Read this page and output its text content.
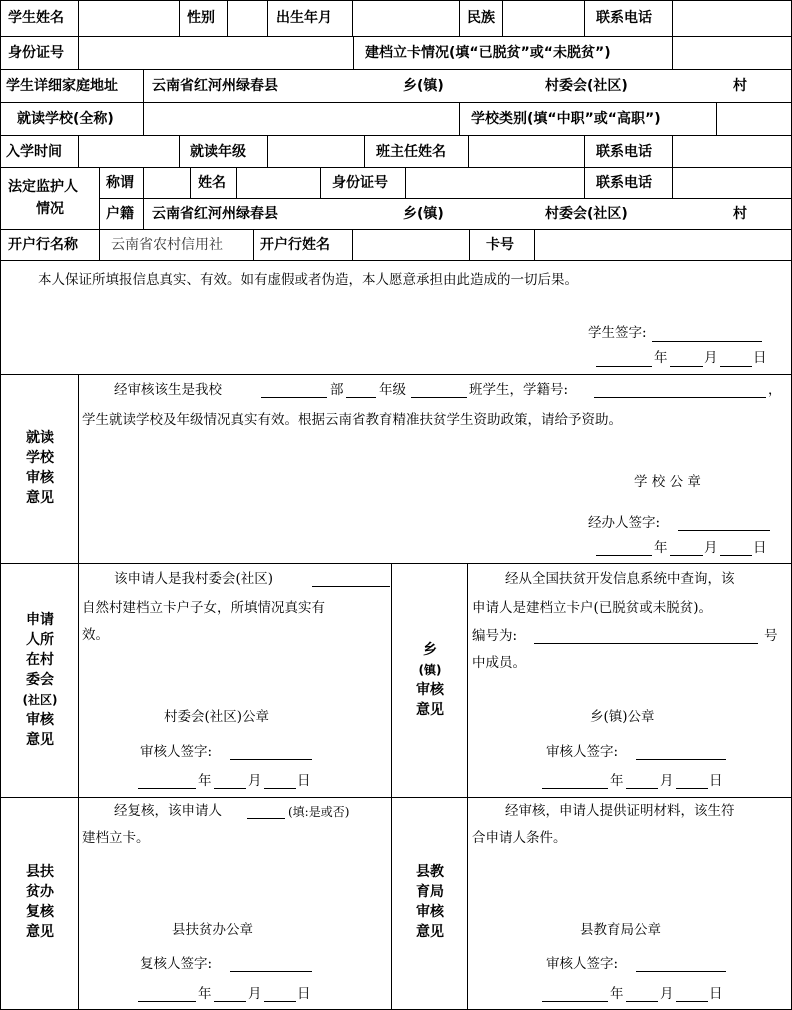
学生姓名	性别	出生年月	民族	联系电话
身份证号	建档立卡情况(填“已脱贫”或“未脱贫”)
学生详细家庭地址 云南省红河州绿春县	乡(镇)	村委会(社区)	村
就读学校(全称)	学校类别(填“中职”或“高职”)
入学时间	就读年级	班主任姓名	联系电话
法定监护人
情况
称谓	姓名	身份证号	联系电话
户籍 云南省红河州绿春县	乡(镇)	村委会(社区)	村
开户行名称 云南省农村信用社	开户行姓名	卡号
本人保证所填报信息真实、有效。如有虚假或者伪造，本人愿意承担由此造成的一切后果。
学生签字:
年	月	日
就读
学校
审核
意见
经审核该生是我校	部	年级	班学生，学籍号:	，
学生就读学校及年级情况真实有效。根据云南省教育精准扶贫学生资助政策，请给予资助。
学 校 公 章
经办人签字:
年	月	日
申请
人所
在村
委会
(社区)
审核
意见
该申请人是我村委会(社区)
自然村建档立卡户子女，所填情况真实有
效。
村委会(社区)公章
审核人签字:
年	月	日
乡
(镇)
审核
意见
经从全国扶贫开发信息系统中查询，该
申请人是建档立卡户(已脱贫或未脱贫)。
编号为:	号
中成员。
乡(镇)公章
审核人签字:
年	月	日
县扶
贫办
复核
意见
经复核，该申请人	(填:是或否)
建档立卡。
县扶贫办公章
复核人签字:
年	月	日
县教
育局
审核
意见
经审核，申请人提供证明材料，该生符
合申请人条件。
县教育局公章
审核人签字:
年	月	日
